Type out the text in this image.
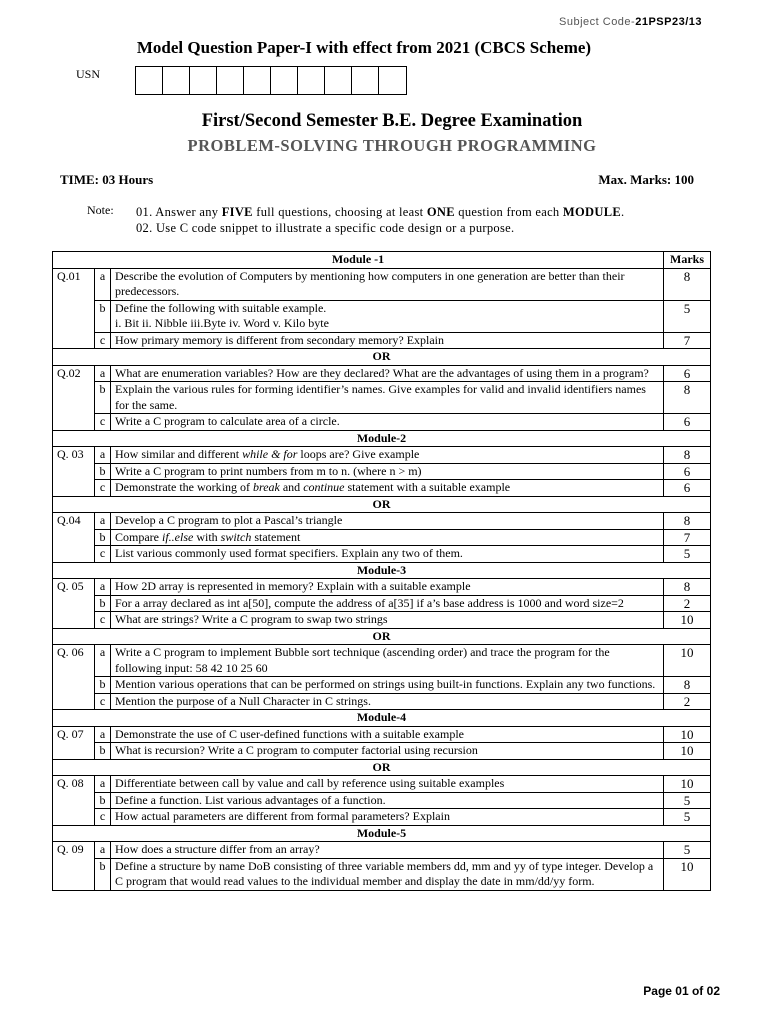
Subject Code-21PSP23/13
Model Question Paper-I with effect from 2021 (CBCS Scheme)
USN
First/Second Semester B.E. Degree Examination
PROBLEM-SOLVING THROUGH PROGRAMMING
TIME: 03 Hours	Max. Marks: 100
Note: 01. Answer any FIVE full questions, choosing at least ONE question from each MODULE.
02. Use C code snippet to illustrate a specific code design or a purpose.
Module -1			Marks
Q.01	a	Describe the evolution of Computers by mentioning how computers in one generation are better than their predecessors.	8
	b	Define the following with suitable example.
i. Bit ii. Nibble iii.Byte iv. Word v. Kilo byte	5
	c	How primary memory is different from secondary memory? Explain	7
OR			
Q.02	a	What are enumeration variables? How are they declared? What are the advantages of using them in a program?	6
	b	Explain the various rules for forming identifier’s names. Give examples for valid and invalid identifiers names for the same.	8
	c	Write a C program to calculate area of a circle.	6
Module-2			
Q. 03	a	How similar and different while & for loops are? Give example	8
	b	Write a C program to print numbers from m to n. (where n > m)	6
	c	Demonstrate the working of break and continue statement with a suitable example	6
OR			
Q.04	a	Develop a C program to plot a Pascal’s triangle	8
	b	Compare if..else with switch statement	7
	c	List various commonly used format specifiers. Explain any two of them.	5
Module-3			
Q. 05	a	How 2D array is represented in memory? Explain with a suitable example	8
	b	For a array declared as int a[50], compute the address of a[35] if a’s base address is 1000 and word size=2	2
	c	What are strings? Write a C program to swap two strings	10
OR			
Q. 06	a	Write a C program to implement Bubble sort technique (ascending order) and trace the program for the following input: 58 42 10 25 60	10
	b	Mention various operations that can be performed on strings using built-in functions. Explain any two functions.	8
	c	Mention the purpose of a Null Character in C strings.	2
Module-4			
Q. 07	a	Demonstrate the use of C user-defined functions with a suitable example	10
	b	What is recursion? Write a C program to computer factorial using recursion	10
OR			
Q. 08	a	Differentiate between call by value and call by reference using suitable examples	10
	b	Define a function. List various advantages of a function.	5
	c	How actual parameters are different from formal parameters? Explain	5
Module-5			
Q. 09	a	How does a structure differ from an array?	5
	b	Define a structure by name DoB consisting of three variable members dd, mm and yy of type integer. Develop a C program that would read values to the individual member and display the date in mm/dd/yy form.	10
Page 01 of 02
